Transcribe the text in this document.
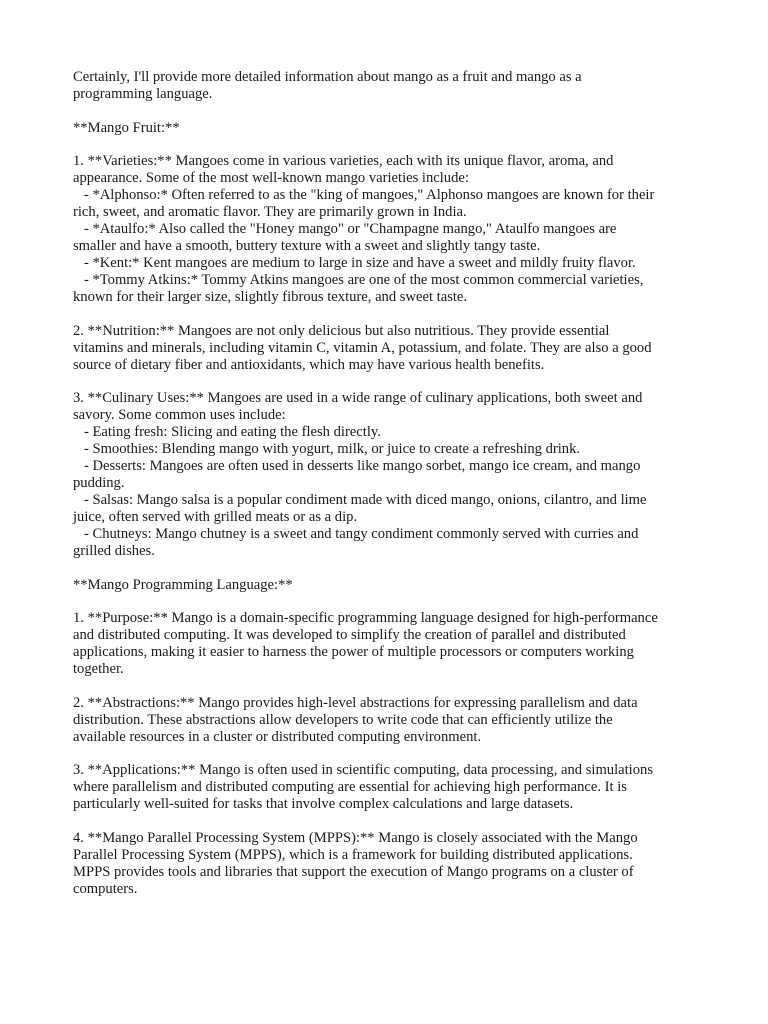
Certainly, I'll provide more detailed information about mango as a fruit and mango as a
programming language.

**Mango Fruit:**

1. **Varieties:** Mangoes come in various varieties, each with its unique flavor, aroma, and
appearance. Some of the most well-known mango varieties include:
- *Alphonso:* Often referred to as the "king of mangoes," Alphonso mangoes are known for their
rich, sweet, and aromatic flavor. They are primarily grown in India.
- *Ataulfo:* Also called the "Honey mango" or "Champagne mango," Ataulfo mangoes are
smaller and have a smooth, buttery texture with a sweet and slightly tangy taste.
- *Kent:* Kent mangoes are medium to large in size and have a sweet and mildly fruity flavor.
- *Tommy Atkins:* Tommy Atkins mangoes are one of the most common commercial varieties,
known for their larger size, slightly fibrous texture, and sweet taste.

2. **Nutrition:** Mangoes are not only delicious but also nutritious. They provide essential
vitamins and minerals, including vitamin C, vitamin A, potassium, and folate. They are also a good
source of dietary fiber and antioxidants, which may have various health benefits.

3. **Culinary Uses:** Mangoes are used in a wide range of culinary applications, both sweet and
savory. Some common uses include:
- Eating fresh: Slicing and eating the flesh directly.
- Smoothies: Blending mango with yogurt, milk, or juice to create a refreshing drink.
- Desserts: Mangoes are often used in desserts like mango sorbet, mango ice cream, and mango
pudding.
- Salsas: Mango salsa is a popular condiment made with diced mango, onions, cilantro, and lime
juice, often served with grilled meats or as a dip.
- Chutneys: Mango chutney is a sweet and tangy condiment commonly served with curries and
grilled dishes.

**Mango Programming Language:**

1. **Purpose:** Mango is a domain-specific programming language designed for high-performance
and distributed computing. It was developed to simplify the creation of parallel and distributed
applications, making it easier to harness the power of multiple processors or computers working
together.

2. **Abstractions:** Mango provides high-level abstractions for expressing parallelism and data
distribution. These abstractions allow developers to write code that can efficiently utilize the
available resources in a cluster or distributed computing environment.

3. **Applications:** Mango is often used in scientific computing, data processing, and simulations
where parallelism and distributed computing are essential for achieving high performance. It is
particularly well-suited for tasks that involve complex calculations and large datasets.

4. **Mango Parallel Processing System (MPPS):** Mango is closely associated with the Mango
Parallel Processing System (MPPS), which is a framework for building distributed applications.
MPPS provides tools and libraries that support the execution of Mango programs on a cluster of
computers.
